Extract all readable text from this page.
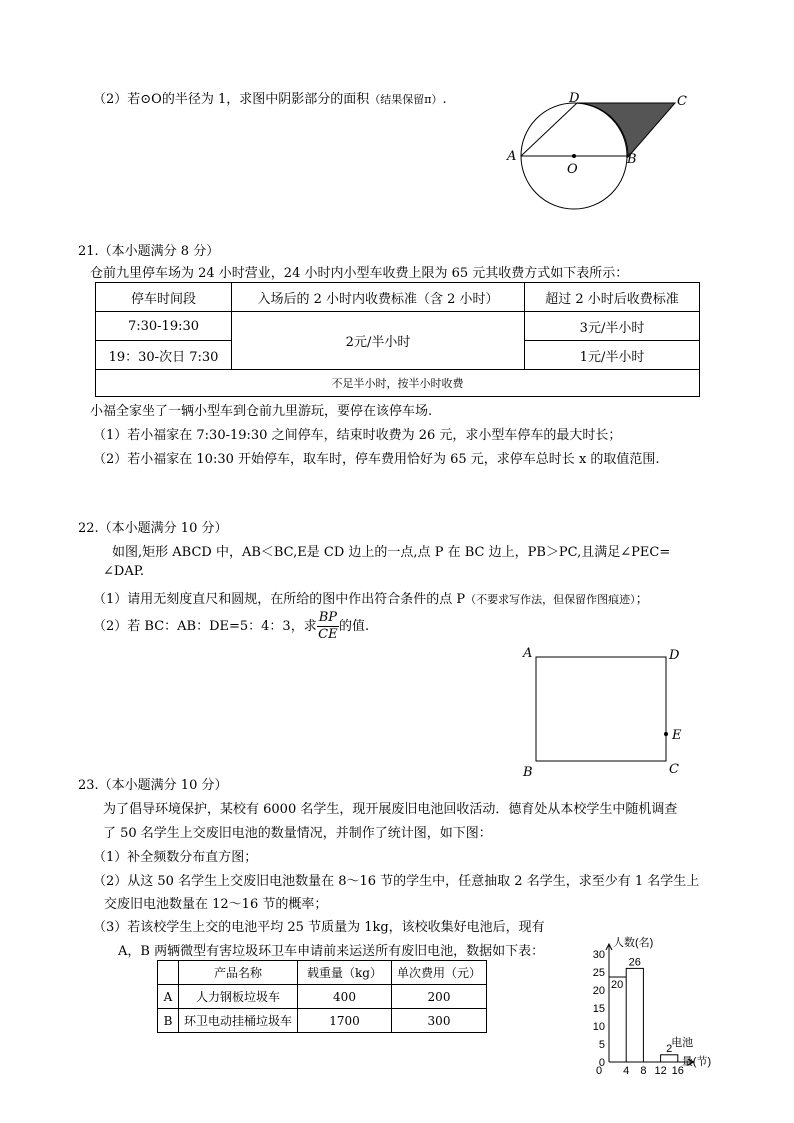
（2）若⊙O的半径为 1，求图中阴影部分的面积（结果保留π）.
A	B
C
D
O
21.（本小题满分 8 分）
仓前九里停车场为 24 小时营业，24 小时内小型车收费上限为 65 元其收费方式如下表所示：
停车时间段	入场后的 2 小时内收费标准（含 2 小时）	超过 2 小时后收费标准
7:30-19:30	2元/半小时	3元/半小时
19：30-次日 7:30		1元/半小时
不足半小时，按半小时收费		
小福全家坐了一辆小型车到仓前九里游玩，要停在该停车场.
（1）若小福家在 7:30-19:30 之间停车，结束时收费为 26 元，求小型车停车的最大时长；
（2）若小福家在 10:30 开始停车，取车时，停车费用恰好为 65 元，求停车总时长 x 的取值范围.
22.（本小题满分 10 分）
如图,矩形 ABCD 中，AB＜BC,E是 CD 边上的一点,点 P 在 BC 边上，PB＞PC,且满足∠PEC=
∠DAP.
（1）请用无刻度直尺和圆规，在所给的图中作出符合条件的点 P（不要求写作法，但保留作图痕迹）；
（2）若 BC：AB：DE=5：4：3，求 $\frac{BP}{CE}$ 的值.
A	D
E
B	C
23.（本小题满分 10 分）
为了倡导环境保护，某校有 6000 名学生，现开展废旧电池回收活动．德育处从本校学生中随机调查
了 50 名学生上交废旧电池的数量情况，并制作了统计图，如下图：
（1）补全频数分布直方图；
（2）从这 50 名学生上交废旧电池数量在 8～16 节的学生中，任意抽取 2 名学生，求至少有 1 名学生上
交废旧电池数量在 12～16 节的概率；
（3）若该校学生上交的电池平均 25 节质量为 1kg，该校收集好电池后，现有
A，B 两辆微型有害垃圾环卫车申请前来运送所有废旧电池，数据如下表：
	产品名称	载重量（kg）	单次费用（元）
A	人力钢板垃圾车	400	200
B	环卫电动挂桶垃圾车	1700	300
0
5
10
15
20
25
30
0 4 8 12 16
26
2
20
人数(名)
电池
量(节)
